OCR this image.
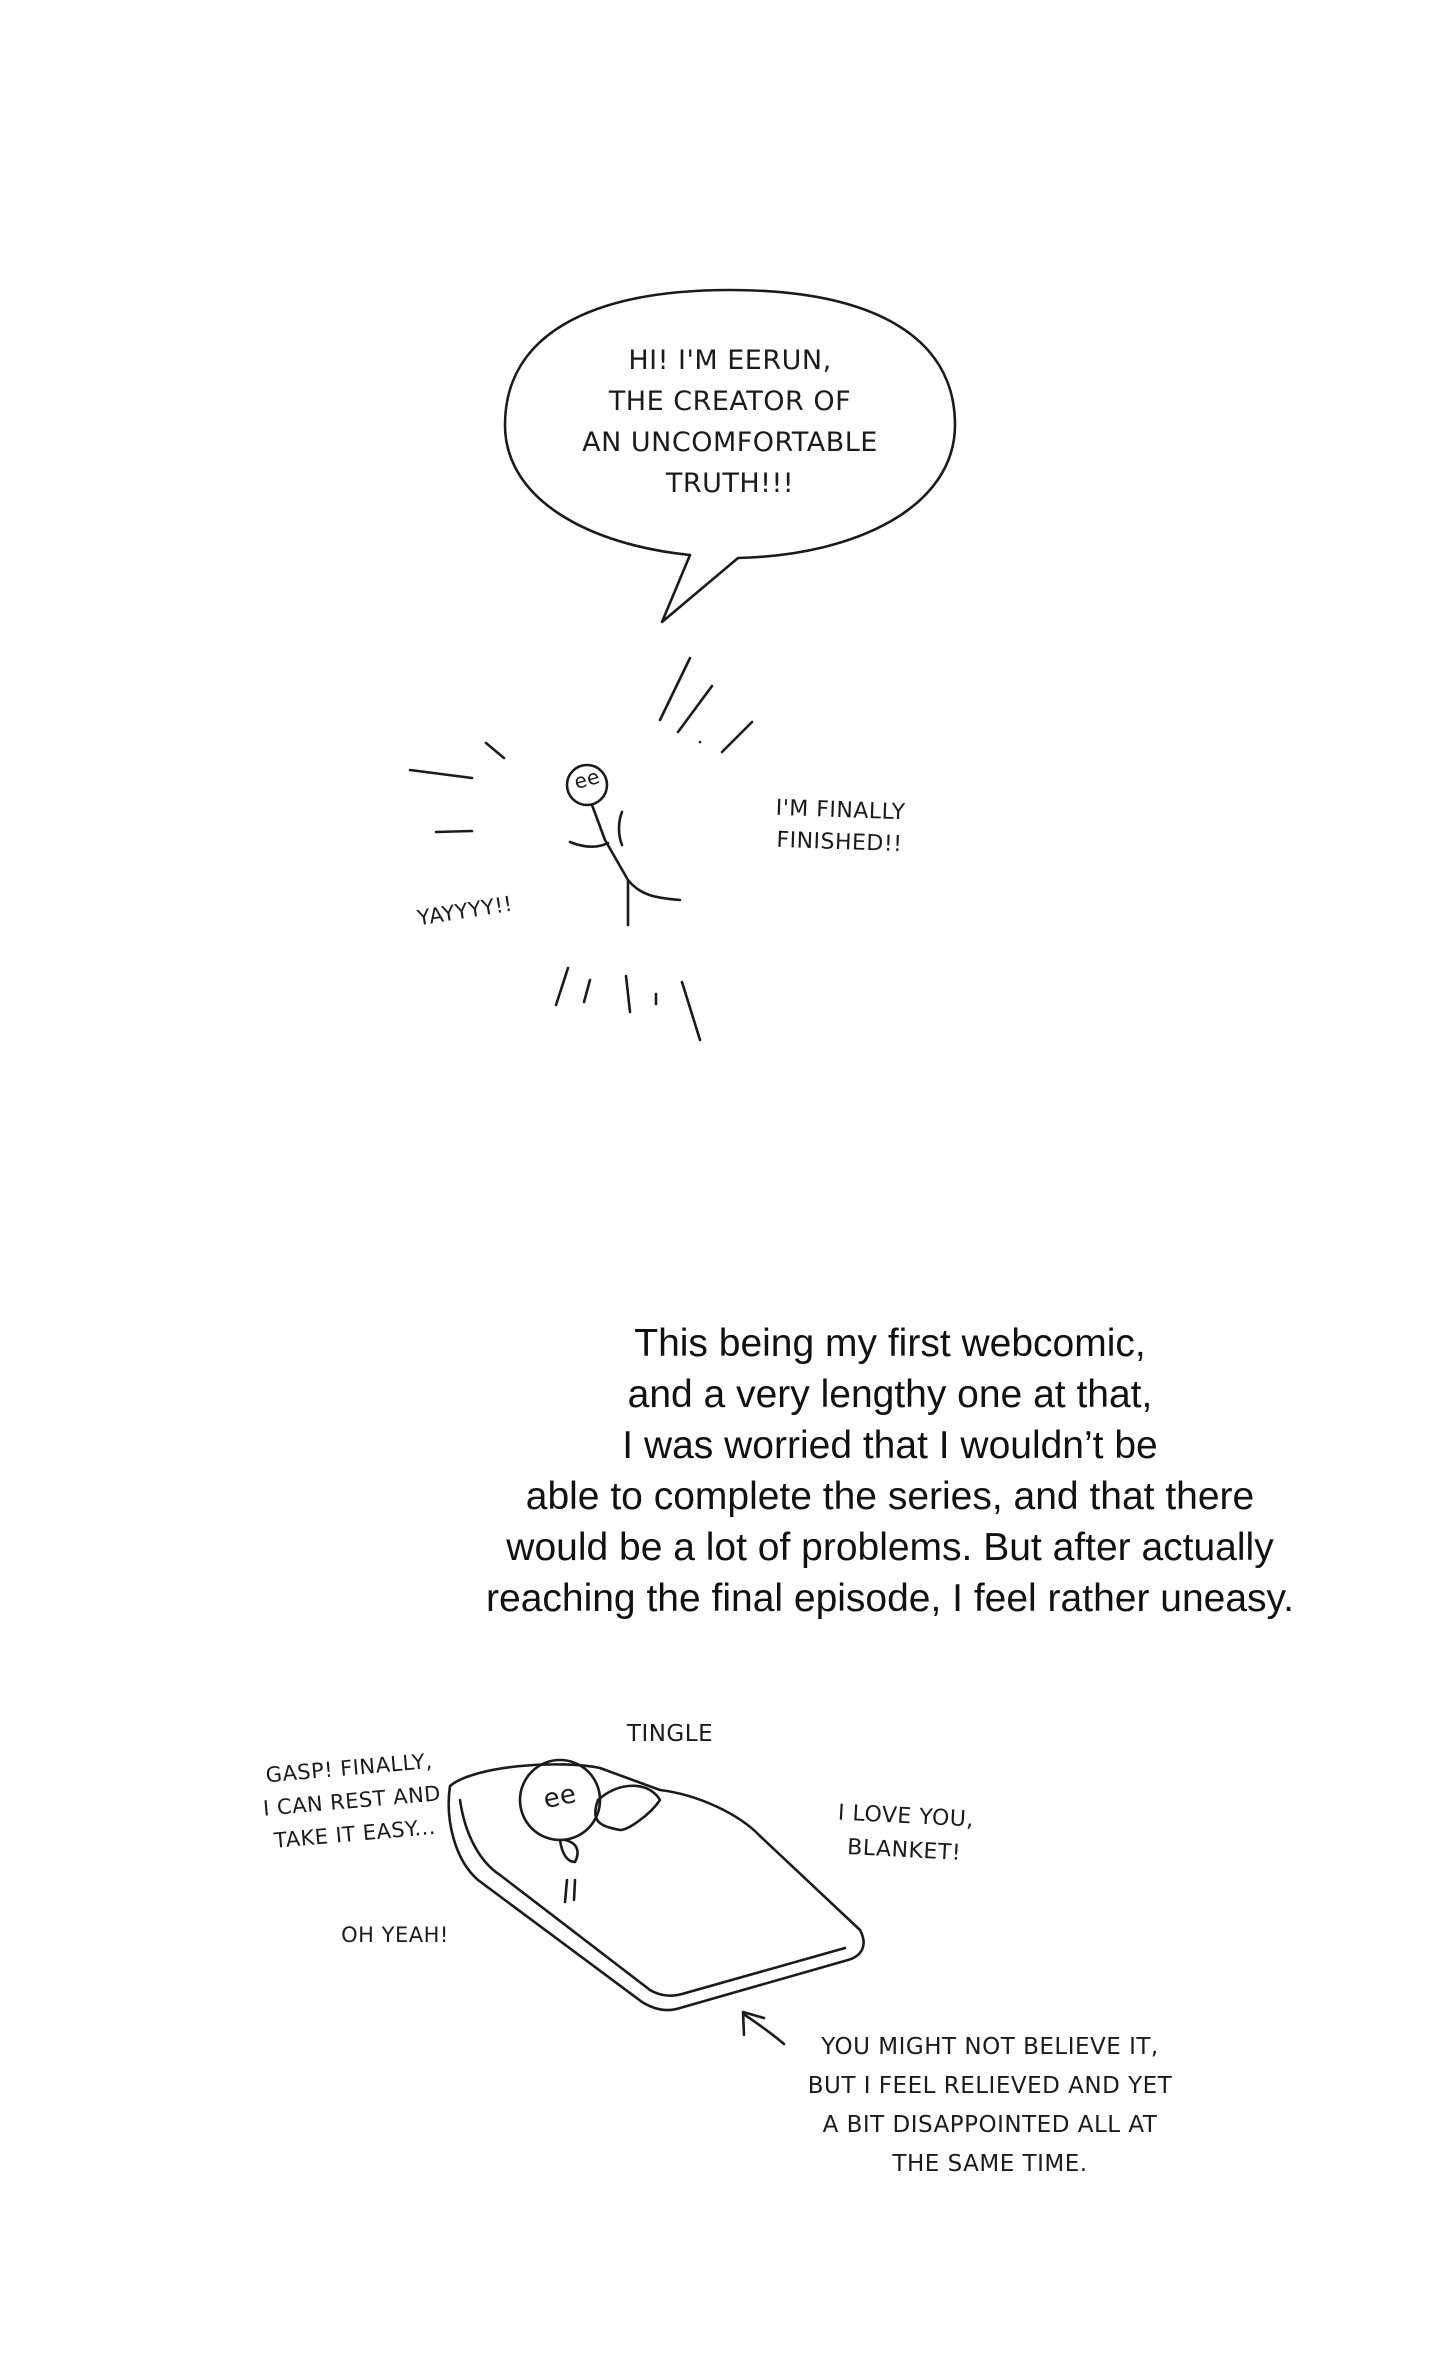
HI! I'M EERUN,
THE CREATOR OF
AN UNCOMFORTABLE
TRUTH!!!

ee

I'M FINALLY
FINISHED!!

YAYYYY!!

This being my first webcomic,
and a very lengthy one at that,
I was worried that I wouldn’t be
able to complete the series, and that there
would be a lot of problems. But after actually
reaching the final episode, I feel rather uneasy.

TINGLE

GASP! FINALLY,
I CAN REST AND
TAKE IT EASY...

ee

I LOVE YOU,
BLANKET!

OH YEAH!

YOU MIGHT NOT BELIEVE IT,
BUT I FEEL RELIEVED AND YET
A BIT DISAPPOINTED ALL AT
THE SAME TIME.
